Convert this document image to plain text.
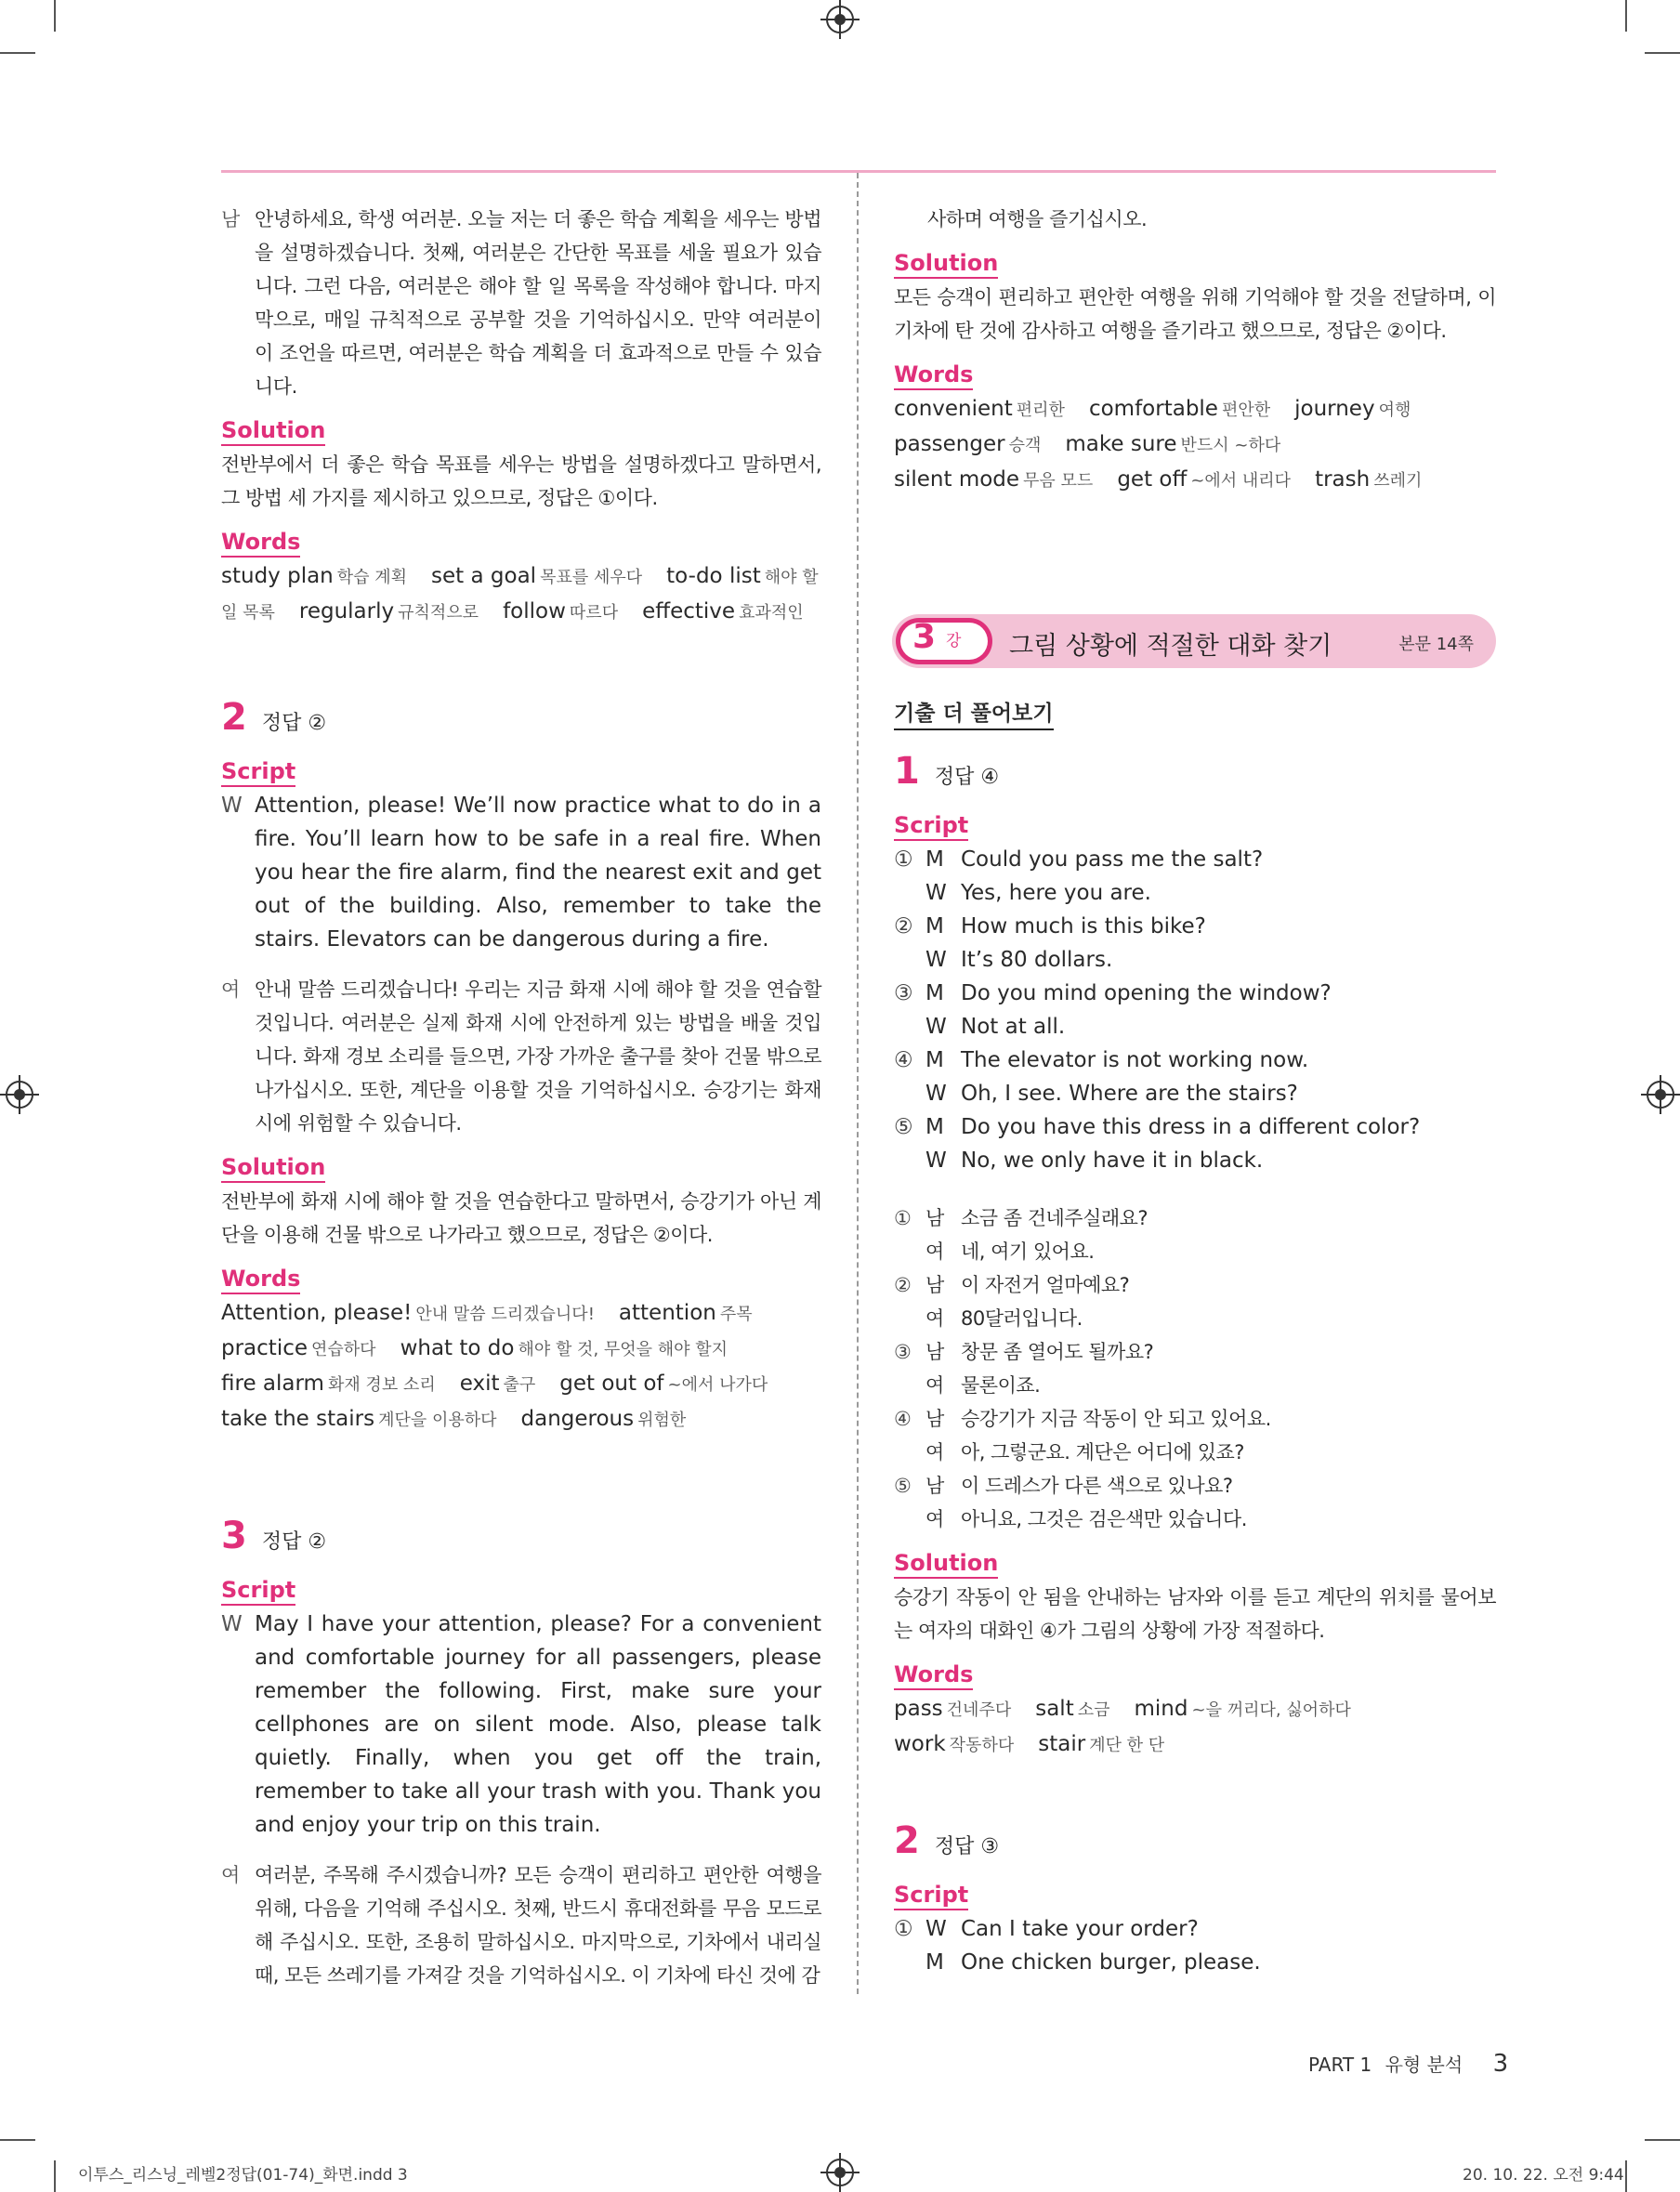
남 안녕하세요, 학생 여러분. 오늘 저는 더 좋은 학습 계획을 세우는 방법을 설명하겠습니다. 첫째, 여러분은 간단한 목표를 세울 필요가 있습니다. 그런 다음, 여러분은 해야 할 일 목록을 작성해야 합니다. 마지막으로, 매일 규칙적으로 공부할 것을 기억하십시오. 만약 여러분이 이 조언을 따르면, 여러분은 학습 계획을 더 효과적으로 만들 수 있습니다.
Solution
전반부에서 더 좋은 학습 목표를 세우는 방법을 설명하겠다고 말하면서, 그 방법 세 가지를 제시하고 있으므로, 정답은 ①이다.
Words
study plan 학습 계획 set a goal 목표를 세우다 to-do list 해야 할
일 목록 regularly 규칙적으로 follow 따르다 effective 효과적인
2 정답 ②
Script
W Attention, please! We’ll now practice what to do in a fire. You’ll learn how to be safe in a real fire. When you hear the fire alarm, find the nearest exit and get out of the building. Also, remember to take the stairs. Elevators can be dangerous during a fire.
여 안내 말씀 드리겠습니다! 우리는 지금 화재 시에 해야 할 것을 연습할 것입니다. 여러분은 실제 화재 시에 안전하게 있는 방법을 배울 것입니다. 화재 경보 소리를 들으면, 가장 가까운 출구를 찾아 건물 밖으로 나가십시오. 또한, 계단을 이용할 것을 기억하십시오. 승강기는 화재 시에 위험할 수 있습니다.
Solution
전반부에 화재 시에 해야 할 것을 연습한다고 말하면서, 승강기가 아닌 계단을 이용해 건물 밖으로 나가라고 했으므로, 정답은 ②이다.
Words
Attention, please! 안내 말씀 드리겠습니다! attention 주목
practice 연습하다 what to do 해야 할 것, 무엇을 해야 할지
fire alarm 화재 경보 소리 exit 출구 get out of ~에서 나가다
take the stairs 계단을 이용하다 dangerous 위험한
3 정답 ②
Script
W May I have your attention, please? For a convenient and comfortable journey for all passengers, please remember the following. First, make sure your cellphones are on silent mode. Also, please talk quietly. Finally, when you get off the train, remember to take all your trash with you. Thank you and enjoy your trip on this train.
여 여러분, 주목해 주시겠습니까? 모든 승객이 편리하고 편안한 여행을 위해, 다음을 기억해 주십시오. 첫째, 반드시 휴대전화를 무음 모드로 해 주십시오. 또한, 조용히 말하십시오. 마지막으로, 기차에서 내리실 때, 모든 쓰레기를 가져갈 것을 기억하십시오. 이 기차에 타신 것에 감
사하며 여행을 즐기십시오.
Solution
모든 승객이 편리하고 편안한 여행을 위해 기억해야 할 것을 전달하며, 이 기차에 탄 것에 감사하고 여행을 즐기라고 했으므로, 정답은 ②이다.
Words
convenient 편리한 comfortable 편안한 journey 여행
passenger 승객 make sure 반드시 ~하다
silent mode 무음 모드 get off ~에서 내리다 trash 쓰레기
3 강 그림 상황에 적절한 대화 찾기	본문 14쪽
기출 더 풀어보기
1 정답 ④
Script
① M Could you pass me the salt?
W Yes, here you are.
② M How much is this bike?
W It’s 80 dollars.
③ M Do you mind opening the window?
W Not at all.
④ M The elevator is not working now.
W Oh, I see. Where are the stairs?
⑤ M Do you have this dress in a different color?
W No, we only have it in black.
① 남 소금 좀 건네주실래요?
여 네, 여기 있어요.
② 남 이 자전거 얼마예요?
여 80달러입니다.
③ 남 창문 좀 열어도 될까요?
여 물론이죠.
④ 남 승강기가 지금 작동이 안 되고 있어요.
여 아, 그렇군요. 계단은 어디에 있죠?
⑤ 남 이 드레스가 다른 색으로 있나요?
여 아니요, 그것은 검은색만 있습니다.
Solution
승강기 작동이 안 됨을 안내하는 남자와 이를 듣고 계단의 위치를 물어보는 여자의 대화인 ④가 그림의 상황에 가장 적절하다.
Words
pass 건네주다 salt 소금 mind ~을 꺼리다, 싫어하다
work 작동하다 stair 계단 한 단
2 정답 ③
Script
① W Can I take your order?
M One chicken burger, please.
PART 1 유형 분석 3
이투스_리스닝_레벨2정답(01-74)_화면.indd 3	20. 10. 22. 오전 9:44
